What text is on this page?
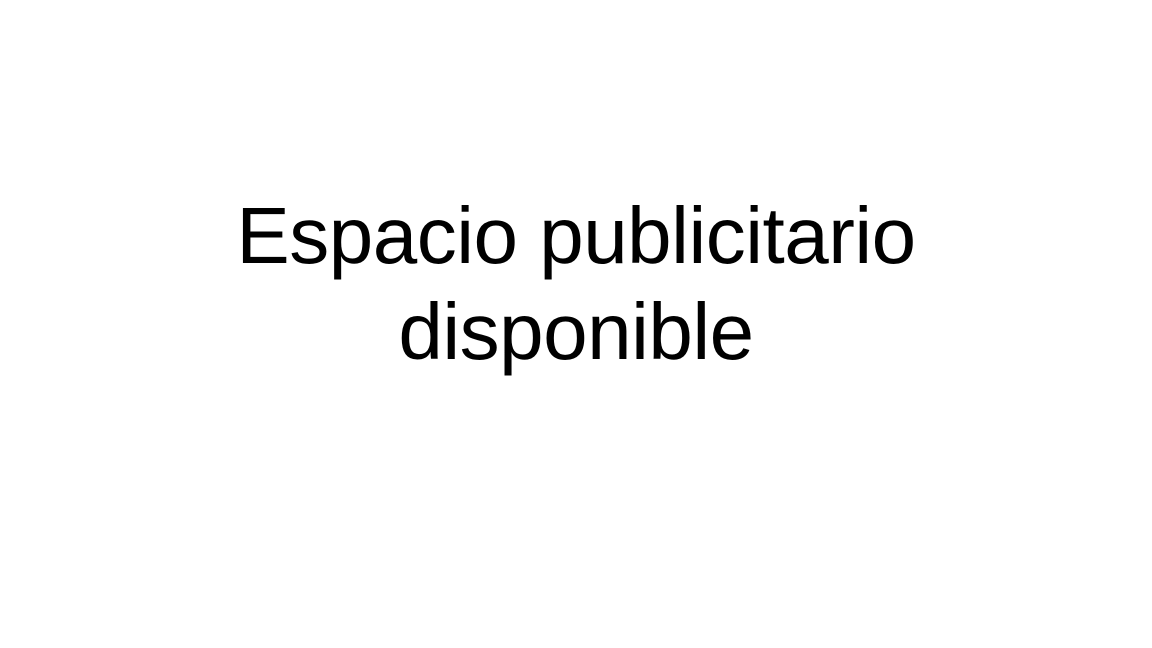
Espacio publicitario
disponible
